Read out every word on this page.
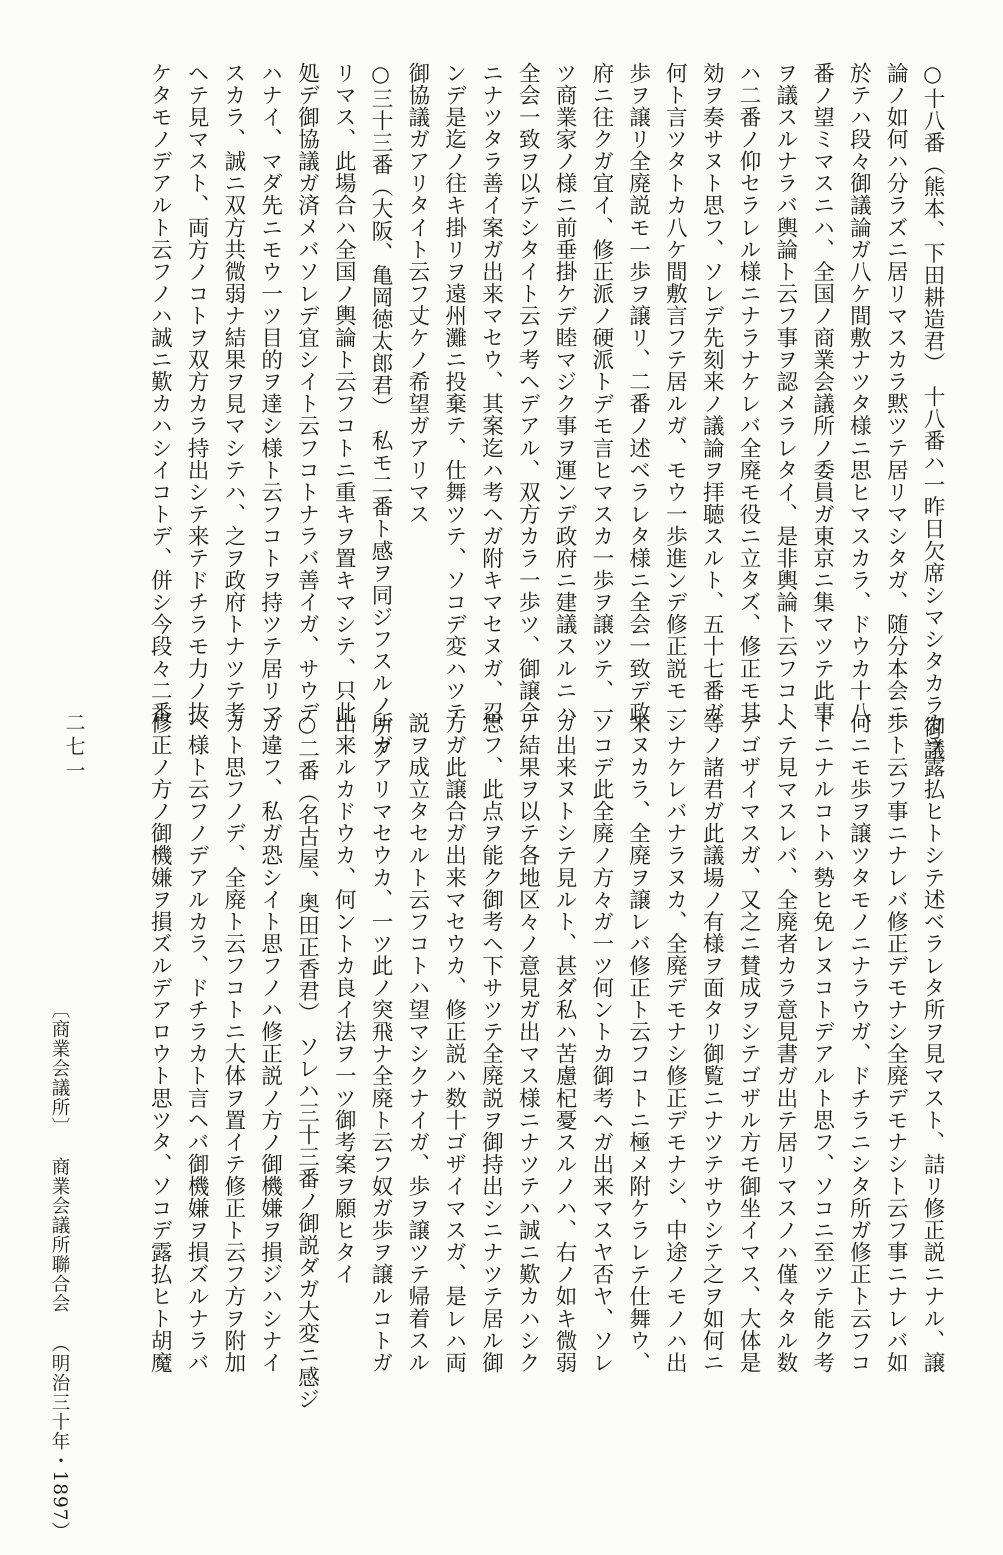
○十八番（熊本、下田耕造君）　十八番ハ一昨日欠席シマシタカラ御議
論ノ如何ハ分ラズニ居リマスカラ黙ツテ居リマシタガ、随分本会ニ
於テハ段々御議論ガ八ケ間敷ナツタ様ニ思ヒマスカラ、ドウカ十八
番ノ望ミマスニハ、全国ノ商業会議所ノ委員ガ東京ニ集マツテ此事
ヲ議スルナラバ輿論ト云フ事ヲ認メラレタイ、是非輿論ト云フコト
ハ二番ノ仰セラレル様ニナラナケレバ全廃モ役ニ立タズ、修正モ其
効ヲ奏サヌト思フ、ソレデ先刻来ノ議論ヲ拝聴スルト、五十七番ガ
何ト言ツタトカ八ケ間敷言フテ居ルガ、モウ一歩進ンデ修正説モ一
歩ヲ譲リ全廃説モ一歩ヲ譲リ、二番ノ述ベラレタ様ニ全会一致デ政
府ニ往クガ宜イ、修正派ノ硬派トデモ言ヒマスカ一歩ヲ譲ツテ、一
ツ商業家ノ様ニ前垂掛ケデ睦マジク事ヲ運ンデ政府ニ建議スルニハ
全会一致ヲ以テシタイト云フ考ヘデアル、双方カラ一歩ツ、御譲合
ニナツタラ善イ案ガ出来マセウ、其案迄ハ考ヘガ附キマセヌガ、忍
ンデ是迄ノ往キ掛リヲ遠州灘ニ投棄テ、仕舞ツテ、ソコデ変ハツテ
御協議ガアリタイト云フ丈ケノ希望ガアリマス
○三十三番（大阪、亀岡徳太郎君）　私モ二番ト感ヲ同ジフスルノデア
リマス、此場合ハ全国ノ輿論ト云フコトニ重キヲ置キマシテ、只此
処デ御協議ガ済メバソレデ宜シイト云フコトナラバ善イガ、サウデ
ハナイ、マダ先ニモウ一ツ目的ヲ達シ様ト云フコトヲ持ツテ居リマ
スカラ、誠ニ双方共微弱ナ結果ヲ見マシテハ、之ヲ政府トナツテ考
ヘテ見マスト、両方ノコトヲ双方カラ持出シテ来テドチラモ力ノ抜
ケタモノデアルト云フノハ誠ニ歎カハシイコトデ、併シ今段々二番
カラ露払ヒトシテ述ベラレタ所ヲ見マスト、詰リ修正説ニナル、譲
歩ト云フ事ニナレバ修正デモナシ全廃デモナシト云フ事ニナレバ如
何ニモ歩ヲ譲ツタモノニナラウガ、ドチラニシタ所ガ修正ト云フコ
トニナルコトハ勢ヒ免レヌコトデアルト思フ、ソコニ至ツテ能ク考
ヘテ見マスレバ、全廃者カラ意見書ガ出テ居リマスノハ僅々タル数
デゴザイマスガ、又之ニ賛成ヲシテゴザル方モ御坐イマス、大体是
等ノ諸君ガ此議場ノ有様ヲ面タリ御覧ニナツテサウシテ之ヲ如何ニ
シナケレバナラヌカ、全廃デモナシ修正デモナシ、中途ノモノハ出
来ヌカラ、全廃ヲ譲レバ修正ト云フコトニ極メ附ケラレテ仕舞ウ、
ソコデ此全廃ノ方々ガ一ツ何ントカ御考ヘガ出来マスヤ否ヤ、ソレ
ガ出来ヌトシテ見ルト、甚ダ私ハ苦慮杞憂スルノハ、右ノ如キ微弱
ナ結果ヲ以テ各地区々ノ意見ガ出マス様ニナツテハ誠ニ歎カハシク
思フ、此点ヲ能ク御考ヘ下サツテ全廃説ヲ御持出シニナツテ居ル御
方ガ此譲合ガ出来マセウカ、修正説ハ数十ゴザイマスガ、是レハ両
説ヲ成立タセルト云フコトハ望マシクナイガ、歩ヲ譲ツテ帰着スル
所ガアリマセウカ、一ツ此ノ突飛ナ全廃ト云フ奴ガ歩ヲ譲ルコトガ
出来ルカドウカ、何ントカ良イ法ヲ一ツ御考案ヲ願ヒタイ
○二番（名古屋、奥田正香君）　ソレハ三十三番ノ御説ダガ大変ニ感ジ
ガ違フ、私ガ恐シイト思フノハ修正説ノ方ノ御機嫌ヲ損ジハシナイ
カト思フノデ、全廃ト云フコトニ大体ヲ置イテ修正ト云フ方ヲ附加
ヘ様ト云フノデアルカラ、ドチラカト言ヘバ御機嫌ヲ損ズルナラバ
修正ノ方ノ御機嫌ヲ損ズルデアロウト思ツタ、ソコデ露払ヒト胡魔
二七一
〔商業会議所〕 商業会議所聯合会 （明治三十年・1897）
